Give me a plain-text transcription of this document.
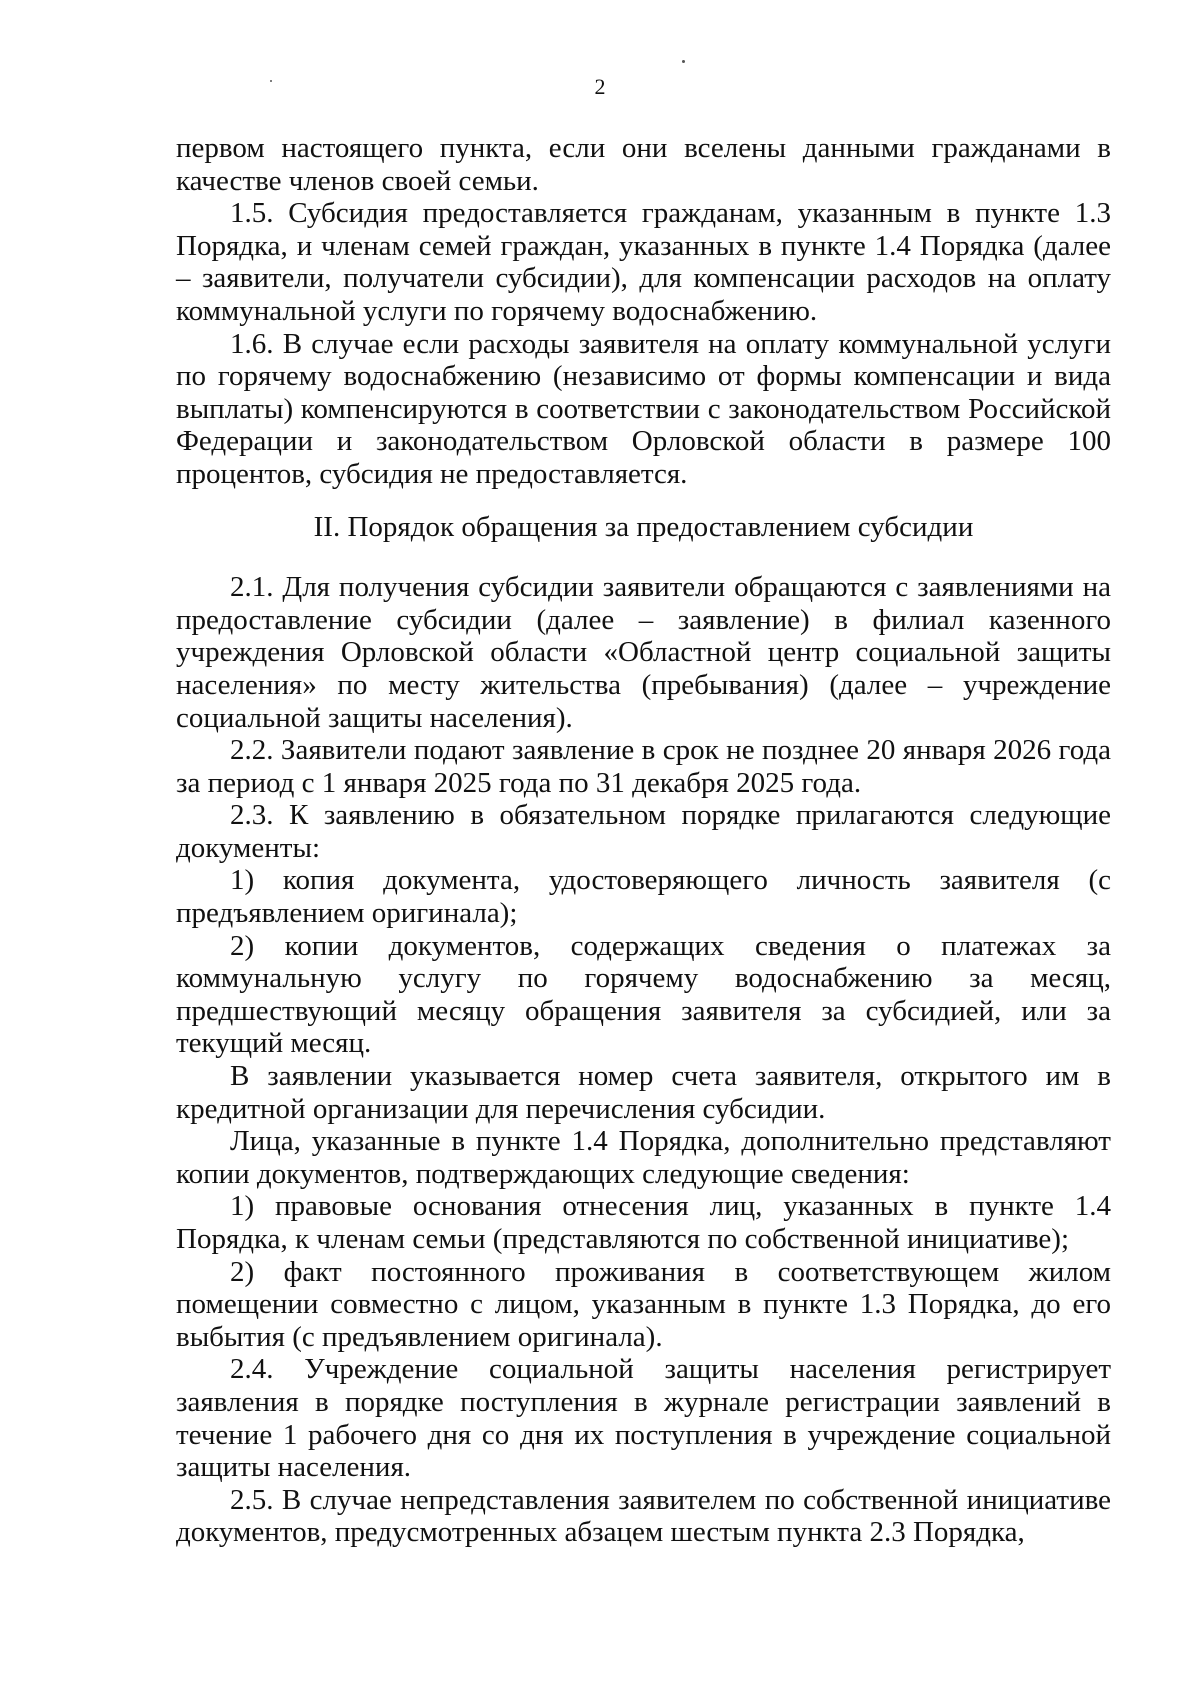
2

первом настоящего пункта, если они вселены данными гражданами в качестве членов своей семьи.

1.5. Субсидия предоставляется гражданам, указанным в пункте 1.3 Порядка, и членам семей граждан, указанных в пункте 1.4 Порядка (далее – заявители, получатели субсидии), для компенсации расходов на оплату коммунальной услуги по горячему водоснабжению.

1.6. В случае если расходы заявителя на оплату коммунальной услуги по горячему водоснабжению (независимо от формы компенсации и вида выплаты) компенсируются в соответствии с законодательством Российской Федерации и законодательством Орловской области в размере 100 процентов, субсидия не предоставляется.

II. Порядок обращения за предоставлением субсидии

2.1. Для получения субсидии заявители обращаются с заявлениями на предоставление субсидии (далее – заявление) в филиал казенного учреждения Орловской области «Областной центр социальной защиты населения» по месту жительства (пребывания) (далее – учреждение социальной защиты населения).

2.2. Заявители подают заявление в срок не позднее 20 января 2026 года за период с 1 января 2025 года по 31 декабря 2025 года.

2.3. К заявлению в обязательном порядке прилагаются следующие документы:

1) копия документа, удостоверяющего личность заявителя (с предъявлением оригинала);

2) копии документов, содержащих сведения о платежах за коммунальную услугу по горячему водоснабжению за месяц, предшествующий месяцу обращения заявителя за субсидией, или за текущий месяц.

В заявлении указывается номер счета заявителя, открытого им в кредитной организации для перечисления субсидии.

Лица, указанные в пункте 1.4 Порядка, дополнительно представляют копии документов, подтверждающих следующие сведения:

1) правовые основания отнесения лиц, указанных в пункте 1.4 Порядка, к членам семьи (представляются по собственной инициативе);

2) факт постоянного проживания в соответствующем жилом помещении совместно с лицом, указанным в пункте 1.3 Порядка, до его выбытия (с предъявлением оригинала).

2.4. Учреждение социальной защиты населения регистрирует заявления в порядке поступления в журнале регистрации заявлений в течение 1 рабочего дня со дня их поступления в учреждение социальной защиты населения.

2.5. В случае непредставления заявителем по собственной инициативе документов, предусмотренных абзацем шестым пункта 2.3 Порядка,
